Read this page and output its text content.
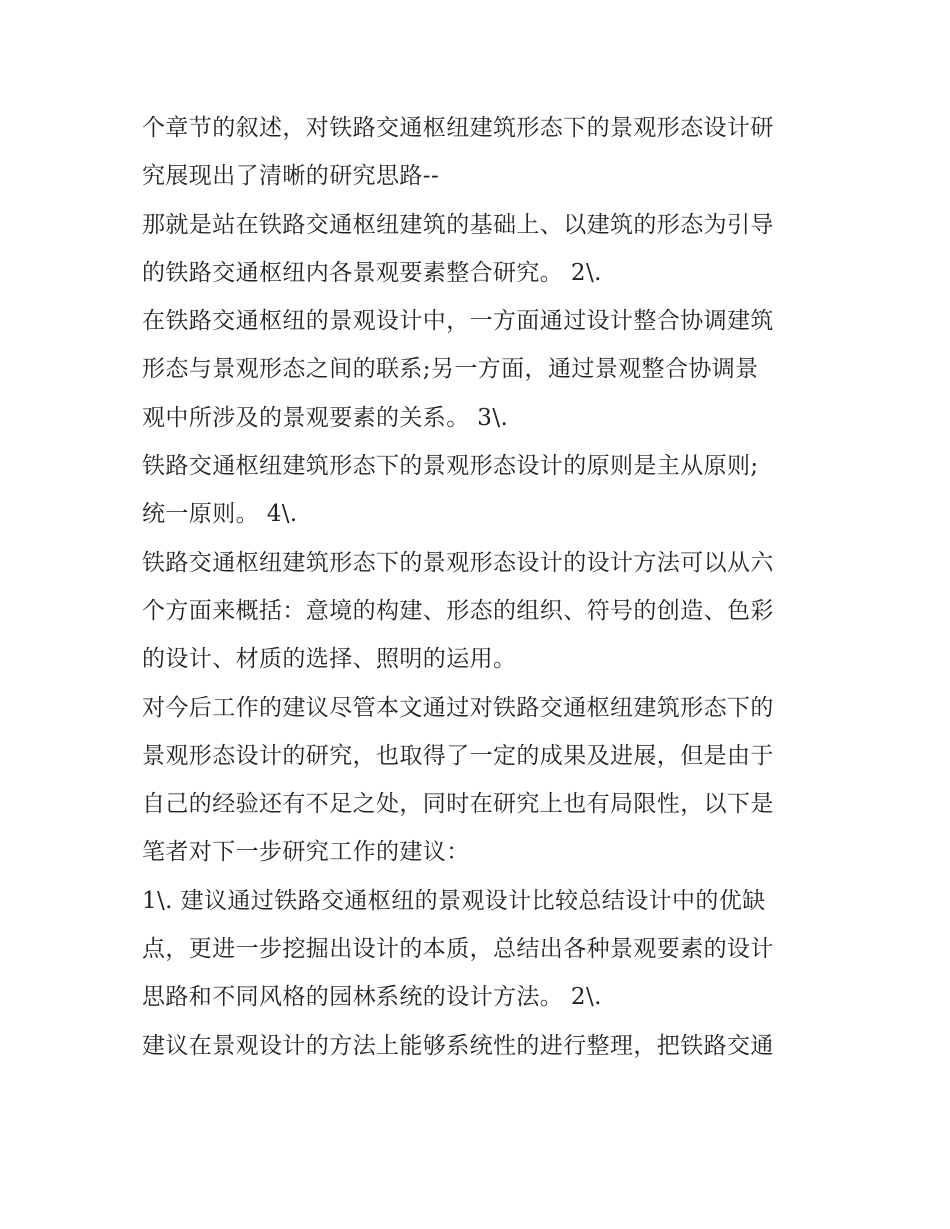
个章节的叙述，对铁路交通枢纽建筑形态下的景观形态设计研
究展现出了清晰的研究思路--
那就是站在铁路交通枢纽建筑的基础上、以建筑的形态为引导
的铁路交通枢纽内各景观要素整合研究。 2\.
在铁路交通枢纽的景观设计中，一方面通过设计整合协调建筑
形态与景观形态之间的联系;另一方面，通过景观整合协调景
观中所涉及的景观要素的关系。 3\.
铁路交通枢纽建筑形态下的景观形态设计的原则是主从原则;
统一原则。 4\.
铁路交通枢纽建筑形态下的景观形态设计的设计方法可以从六
个方面来概括：意境的构建、形态的组织、符号的创造、色彩
的设计、材质的选择、照明的运用。
对今后工作的建议尽管本文通过对铁路交通枢纽建筑形态下的
景观形态设计的研究，也取得了一定的成果及进展，但是由于
自己的经验还有不足之处，同时在研究上也有局限性，以下是
笔者对下一步研究工作的建议：
1\. 建议通过铁路交通枢纽的景观设计比较总结设计中的优缺
点，更进一步挖掘出设计的本质，总结出各种景观要素的设计
思路和不同风格的园林系统的设计方法。 2\.
建议在景观设计的方法上能够系统性的进行整理，把铁路交通
